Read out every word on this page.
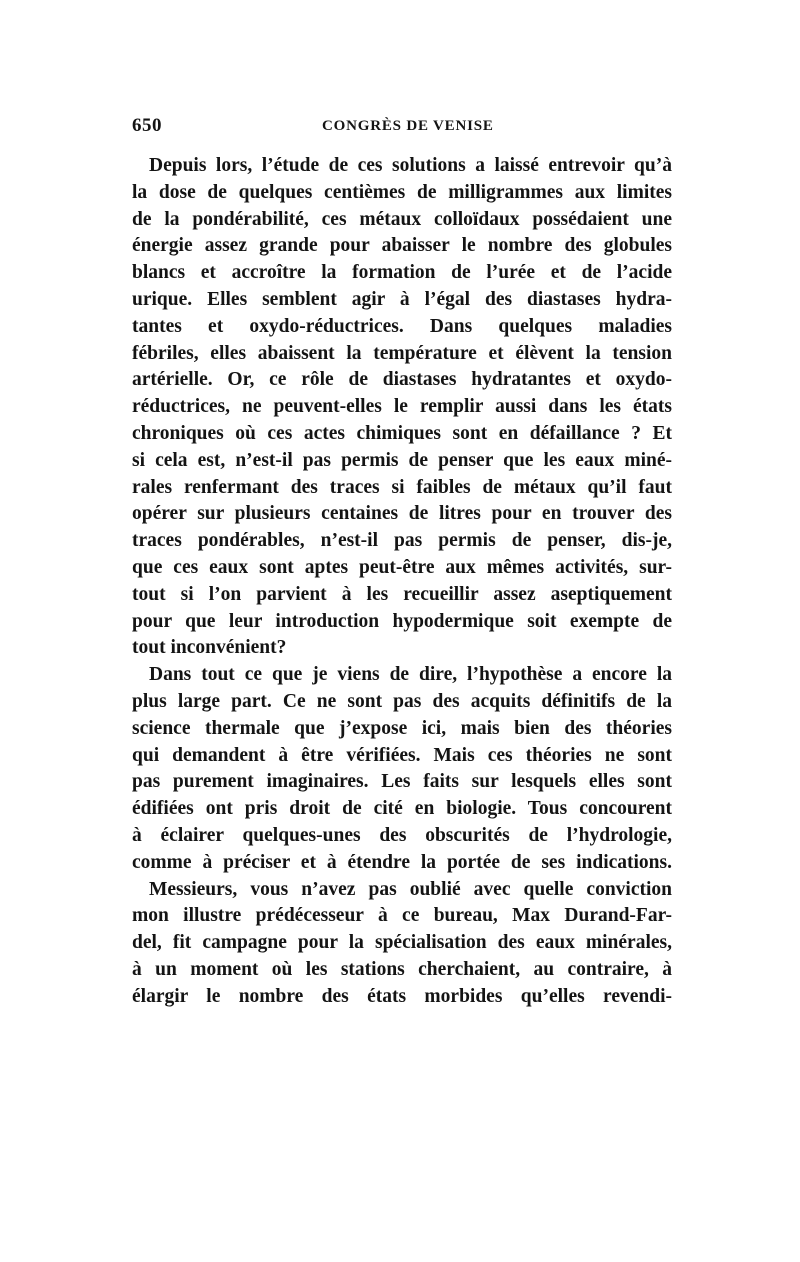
650	CONGRÈS DE VENISE
Depuis lors, l’étude de ces solutions a laissé entrevoir qu’à
la dose de quelques centièmes de milligrammes aux limites
de la pondérabilité, ces métaux colloïdaux possédaient une
énergie assez grande pour abaisser le nombre des globules
blancs et accroître la formation de l’urée et de l’acide
urique. Elles semblent agir à l’égal des diastases hydra-
tantes et oxydo-réductrices. Dans quelques maladies
fébriles, elles abaissent la température et élèvent la tension
artérielle. Or, ce rôle de diastases hydratantes et oxydo-
réductrices, ne peuvent-elles le remplir aussi dans les états
chroniques où ces actes chimiques sont en défaillance ? Et
si cela est, n’est-il pas permis de penser que les eaux miné-
rales renfermant des traces si faibles de métaux qu’il faut
opérer sur plusieurs centaines de litres pour en trouver des
traces pondérables, n’est-il pas permis de penser, dis-je,
que ces eaux sont aptes peut-être aux mêmes activités, sur-
tout si l’on parvient à les recueillir assez aseptiquement
pour que leur introduction hypodermique soit exempte de
tout inconvénient?
Dans tout ce que je viens de dire, l’hypothèse a encore la
plus large part. Ce ne sont pas des acquits définitifs de la
science thermale que j’expose ici, mais bien des théories
qui demandent à être vérifiées. Mais ces théories ne sont
pas purement imaginaires. Les faits sur lesquels elles sont
édifiées ont pris droit de cité en biologie. Tous concourent
à éclairer quelques-unes des obscurités de l’hydrologie,
comme à préciser et à étendre la portée de ses indications.
Messieurs, vous n’avez pas oublié avec quelle conviction
mon illustre prédécesseur à ce bureau, Max Durand-Far-
del, fit campagne pour la spécialisation des eaux minérales,
à un moment où les stations cherchaient, au contraire, à
élargir le nombre des états morbides qu’elles revendi-
